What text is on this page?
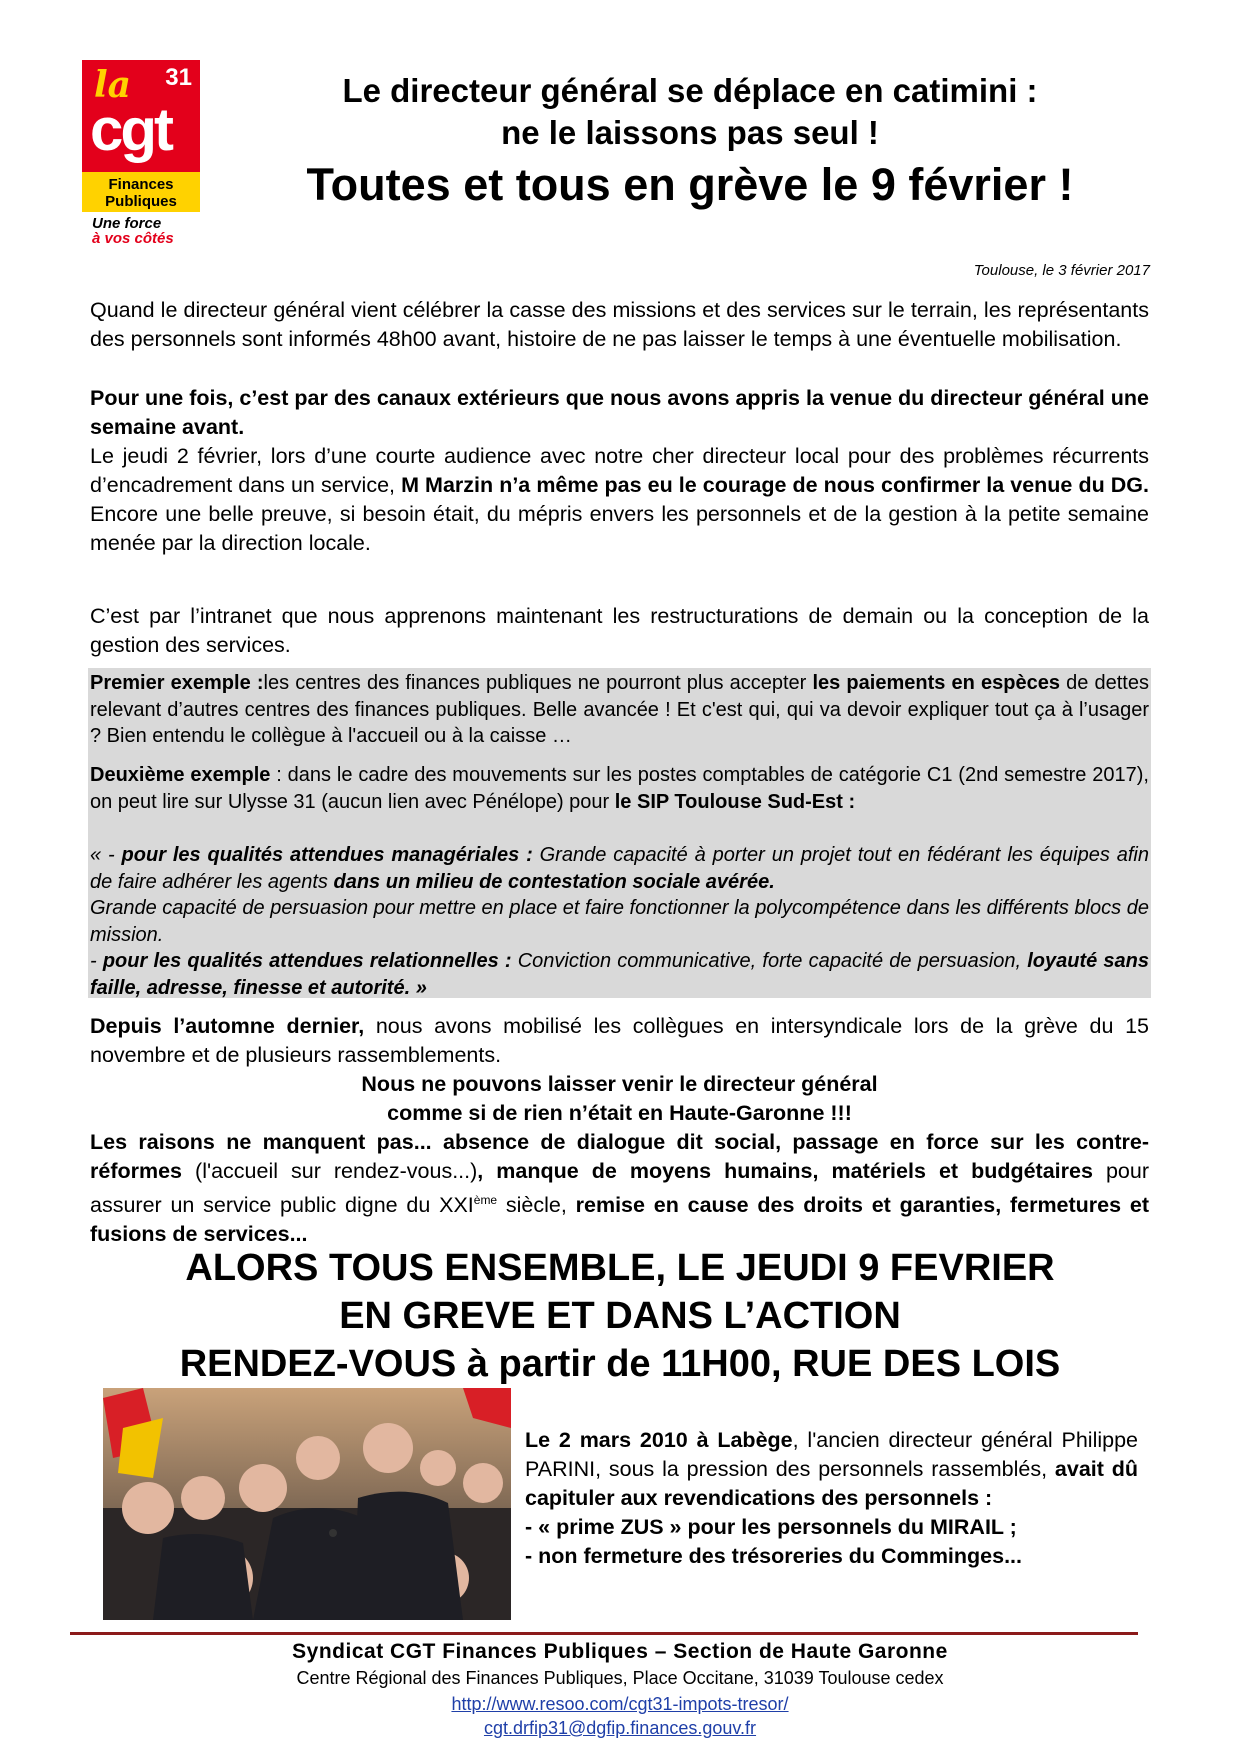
la 31
cgt
Finances
Publiques
Une force
à vos côtés
Le directeur général se déplace en catimini :
ne le laissons pas seul !
Toutes et tous en grève le 9 février !
Toulouse, le 3 février 2017
Quand le directeur général vient célébrer la casse des missions et des services sur le terrain, les représentants des personnels sont informés 48h00 avant, histoire de ne pas laisser le temps à une éventuelle mobilisation.
Pour une fois, c’est par des canaux extérieurs que nous avons appris la venue du directeur général une semaine avant.
Le jeudi 2 février, lors d’une courte audience avec notre cher directeur local pour des problèmes récurrents d’encadrement dans un service, M Marzin n’a même pas eu le courage de nous confirmer la venue du DG. Encore une belle preuve, si besoin était, du mépris envers les personnels et de la gestion à la petite semaine menée par la direction locale.
C’est par l’intranet que nous apprenons maintenant les restructurations de demain ou la conception de la gestion des services.
Premier exemple :les centres des finances publiques ne pourront plus accepter les paiements en espèces de dettes relevant d’autres centres des finances publiques. Belle avancée ! Et c'est qui, qui va devoir expliquer tout ça à l’usager ? Bien entendu le collègue à l'accueil ou à la caisse …
Deuxième exemple : dans le cadre des mouvements sur les postes comptables de catégorie C1 (2nd semestre 2017), on peut lire sur Ulysse 31 (aucun lien avec Pénélope) pour le SIP Toulouse Sud-Est :
« - pour les qualités attendues managériales : Grande capacité à porter un projet tout en fédérant les équipes afin de faire adhérer les agents dans un milieu de contestation sociale avérée.
Grande capacité de persuasion pour mettre en place et faire fonctionner la polycompétence dans les différents blocs de mission.
- pour les qualités attendues relationnelles : Conviction communicative, forte capacité de persuasion, loyauté sans faille, adresse, finesse et autorité. »
Depuis l’automne dernier, nous avons mobilisé les collègues en intersyndicale lors de la grève du 15 novembre et de plusieurs rassemblements.
Nous ne pouvons laisser venir le directeur général
comme si de rien n’était en Haute-Garonne !!!
Les raisons ne manquent pas... absence de dialogue dit social, passage en force sur les contre-réformes (l'accueil sur rendez-vous...), manque de moyens humains, matériels et budgétaires pour assurer un service public digne du XXIème siècle, remise en cause des droits et garanties, fermetures et fusions de services...
ALORS TOUS ENSEMBLE, LE JEUDI 9 FEVRIER
EN GREVE ET DANS L’ACTION
RENDEZ-VOUS à partir de 11H00, RUE DES LOIS
Le 2 mars 2010 à Labège, l'ancien directeur général Philippe PARINI, sous la pression des personnels rassemblés, avait dû capituler aux revendications des personnels :
- « prime ZUS » pour les personnels du MIRAIL ;
- non fermeture des trésoreries du Comminges...
Syndicat CGT Finances Publiques – Section de Haute Garonne
Centre Régional des Finances Publiques, Place Occitane, 31039 Toulouse cedex
http://www.resoo.com/cgt31-impots-tresor/
cgt.drfip31@dgfip.finances.gouv.fr
